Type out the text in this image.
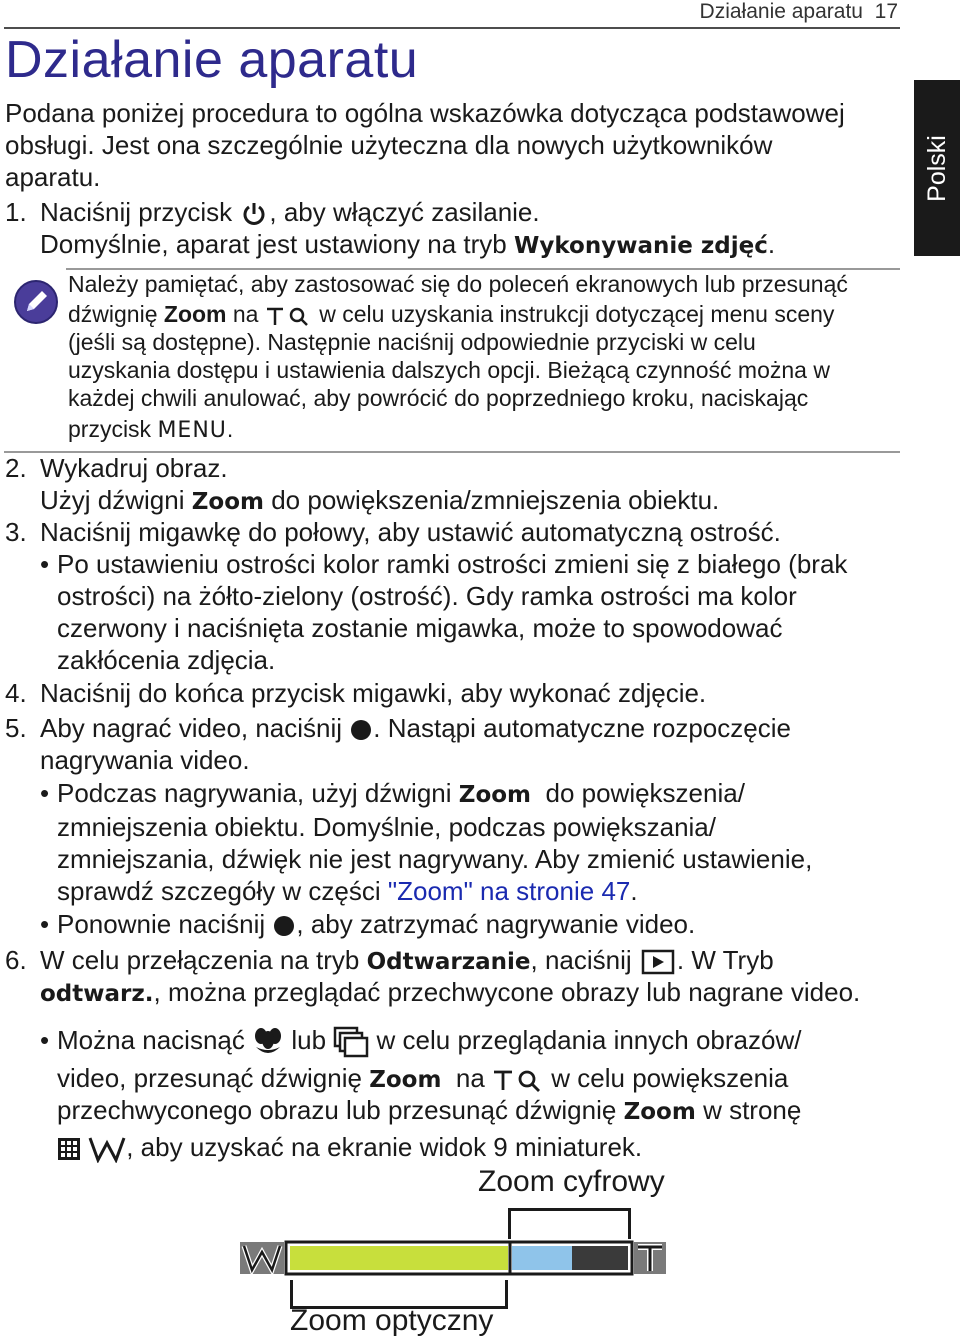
Działanie aparatu 17
Działanie aparatu
Polski
Podana poniżej procedura to ogólna wskazówka dotycząca podstawowej
obsługi. Jest ona szczególnie użyteczna dla nowych użytkowników
aparatu.
1. Naciśnij przycisk , aby włączyć zasilanie.
Domyślnie, aparat jest ustawiony na tryb Wykonywanie zdjęć.
Należy pamiętać, aby zastosować się do poleceń ekranowych lub przesunąć
dźwignię Zoom na	w celu uzyskania instrukcji dotyczącej menu sceny
(jeśli są dostępne). Następnie naciśnij odpowiednie przyciski w celu
uzyskania dostępu i ustawienia dalszych opcji. Bieżącą czynność można w
każdej chwili anulować, aby powrócić do poprzedniego kroku, naciskając
przycisk MENU.
2. Wykadruj obraz.
Użyj dźwigni Zoom do powiększenia/zmniejszenia obiektu.
3. Naciśnij migawkę do połowy, aby ustawić automatyczną ostrość.
• Po ustawieniu ostrości kolor ramki ostrości zmieni się z białego (brak
ostrości) na żółto-zielony (ostrość). Gdy ramka ostrości ma kolor
czerwony i naciśnięta zostanie migawka, może to spowodować
zakłócenia zdjęcia.
4. Naciśnij do końca przycisk migawki, aby wykonać zdjęcie.
5. Aby nagrać video, naciśnij . Nastąpi automatyczne rozpoczęcie
nagrywania video.
• Podczas nagrywania, użyj dźwigni Zoom do powiększenia/
zmniejszenia obiektu. Domyślnie, podczas powiększania/
zmniejszania, dźwięk nie jest nagrywany. Aby zmienić ustawienie,
sprawdź szczegóły w części "Zoom" na stronie 47.
• Ponownie naciśnij , aby zatrzymać nagrywanie video.
6. W celu przełączenia na tryb Odtwarzanie, naciśnij . W Tryb
odtwarz., można przeglądać przechwycone obrazy lub nagrane video.
• Można nacisnąć lub w celu przeglądania innych obrazów/
video, przesunąć dźwignię Zoom na	w celu powiększenia
przechwyconego obrazu lub przesunąć dźwignię Zoom w stronę
, aby uzyskać na ekranie widok 9 miniaturek.
Zoom cyfrowy
Zoom optyczny
